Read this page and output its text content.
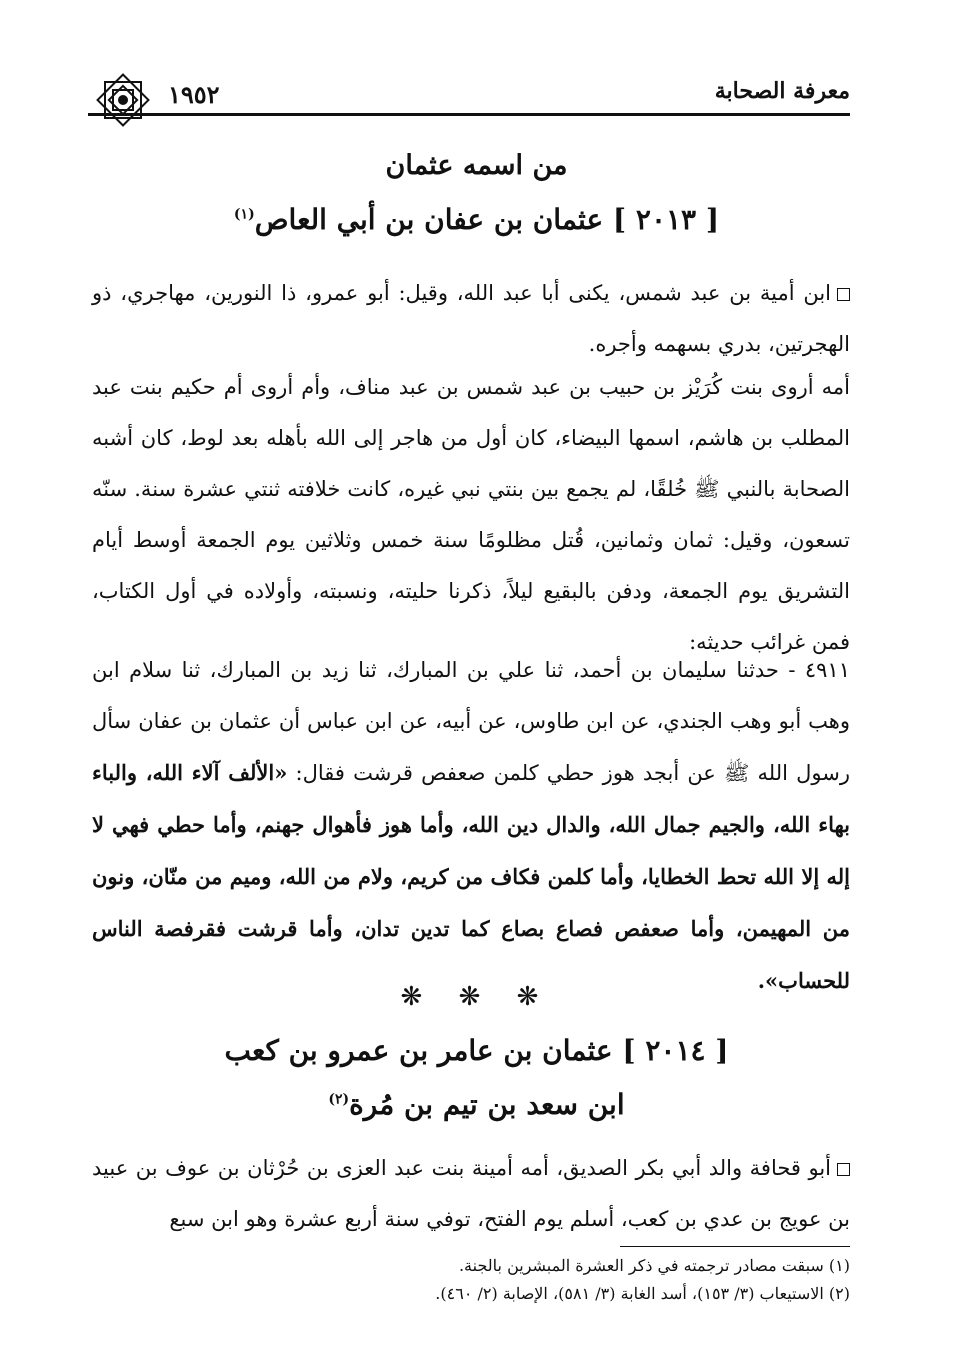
معرفة الصحابة
١٩٥٢
من اسمه عثمان
[ ٢٠١٣ ] عثمان بن عفان بن أبي العاص$^{(١)}$
ابن أمية بن عبد شمس، يكنى أبا عبد الله، وقيل: أبو عمرو، ذا النورين، مهاجري، ذو الهجرتين، بدري بسهمه وأجره.
أمه أروى بنت كُرَيْز بن حبيب بن عبد شمس بن عبد مناف، وأم أروى أم حكيم بنت عبد المطلب بن هاشم، اسمها البيضاء، كان أول من هاجر إلى الله بأهله بعد لوط، كان أشبه الصحابة بالنبي ﷺ خُلقًا، لم يجمع بين بنتي نبي غيره، كانت خلافته ثنتي عشرة سنة. سنّه تسعون، وقيل: ثمان وثمانين، قُتل مظلومًا سنة خمس وثلاثين يوم الجمعة أوسط أيام التشريق يوم الجمعة، ودفن بالبقيع ليلاً، ذكرنا حليته، ونسبته، وأولاده في أول الكتاب، فمن غرائب حديثه:
٤٩١١ - حدثنا سليمان بن أحمد، ثنا علي بن المبارك، ثنا زيد بن المبارك، ثنا سلام ابن وهب أبو وهب الجندي، عن ابن طاوس، عن أبيه، عن ابن عباس أن عثمان بن عفان سأل رسول الله ﷺ عن أبجد هوز حطي كلمن صعفص قرشت فقال: «الألف آلاء الله، والباء بهاء الله، والجيم جمال الله، والدال دين الله، وأما هوز فأهوال جهنم، وأما حطي فهي لا إله إلا الله تحط الخطايا، وأما كلمن فكاف من كريم، ولام من الله، وميم من منّان، ونون من المهيمن، وأما صعفص فصاع بصاع كما تدين تدان، وأما قرشت فقرفصة الناس للحساب».
❋ ❋ ❋
[ ٢٠١٤ ] عثمان بن عامر بن عمرو بن كعب
ابن سعد بن تيم بن مُرة$^{(٢)}$
أبو قحافة والد أبي بكر الصديق، أمه أمينة بنت عبد العزى بن حُرْثان بن عوف بن عبيد بن عويج بن عدي بن كعب، أسلم يوم الفتح، توفي سنة أربع عشرة وهو ابن سبع
(١) سبقت مصادر ترجمته في ذكر العشرة المبشرين بالجنة.
(٢) الاستيعاب (٣/ ١٥٣)، أسد الغابة (٣/ ٥٨١)، الإصابة (٢/ ٤٦٠).
